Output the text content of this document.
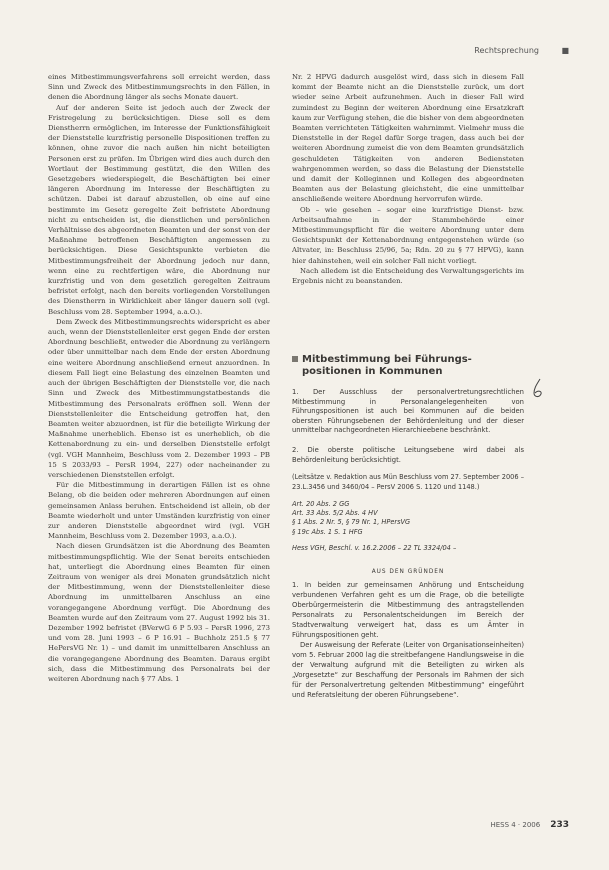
Rechtsprechung	■

eines Mitbestimmungsverfahrens soll erreicht werden, dass Sinn und Zweck des Mitbestimmungsrechts in den Fällen, in denen die Abordnung länger als sechs Monate dauert.

Auf der anderen Seite ist jedoch auch der Zweck der Fristregelung zu berücksichtigen. Diese soll es dem Dienstherrn ermöglichen, im Interesse der Funktionsfähigkeit der Dienststelle kurzfristig personelle Dispositionen treffen zu können, ohne zuvor die nach außen hin nicht beteiligten Personen erst zu prüfen. Im Übrigen wird dies auch durch den Wortlaut der Bestimmung gestützt, die den Willen des Gesetzgebers wiederspiegelt, die Beschäftigten bei einer längeren Abordnung im Interesse der Beschäftigten zu schützen. Dabei ist darauf abzustellen, ob eine auf eine bestimmte im Gesetz geregelte Zeit befristete Abordnung nicht zu entscheiden ist, die dienstlichen und persönlichen Verhältnisse des abgeordneten Beamten und der sonst von der Maßnahme betroffenen Beschäftigten angemessen zu berücksichtigen. Diese Gesichtspunkte verbieten die Mitbestimmungsfreiheit der Abordnung jedoch nur dann, wenn eine zu rechtfertigen wäre, die Abordnung nur kurzfristig und von dem gesetzlich geregelten Zeitraum befristet erfolgt, nach den bereits vorliegenden Vorstellungen des Dienstherrn in Wirklichkeit aber länger dauern soll (vgl. Beschluss vom 28. September 1994, a.a.O.).

Dem Zweck des Mitbestimmungsrechts widerspricht es aber auch, wenn der Dienststellenleiter erst gegen Ende der ersten Abordnung beschließt, entweder die Abordnung zu verlängern oder über unmittelbar nach dem Ende der ersten Abordnung eine weitere Abordnung anschließend erneut anzuordnen. In diesem Fall liegt eine Belastung des einzelnen Beamten und auch der übrigen Beschäftigten der Dienststelle vor, die nach Sinn und Zweck des Mitbestimmungstatbestands die Mitbestimmung des Personalrats eröffnen soll. Wenn der Dienststellenleiter die Entscheidung getroffen hat, den Beamten weiter abzuordnen, ist für die beteiligte Wirkung der Maßnahme unerheblich. Ebenso ist es unerheblich, ob die Kettenabordnung zu ein- und derselben Dienststelle erfolgt (vgl. VGH Mannheim, Beschluss vom 2. Dezember 1993 – PB 15 S 2033/93 – PersR 1994, 227) oder nacheinander zu verschiedenen Dienststellen erfolgt.

Für die Mitbestimmung in derartigen Fällen ist es ohne Belang, ob die beiden oder mehreren Abordnungen auf einen gemeinsamen Anlass beruhen. Entscheidend ist allein, ob der Beamte wiederholt und unter Umständen kurzfristig von einer zur anderen Dienststelle abgeordnet wird (vgl. VGH Mannheim, Beschluss vom 2. Dezember 1993, a.a.O.).

Nach diesen Grundsätzen ist die Abordnung des Beamten mitbestimmungspflichtig. Wie der Senat bereits entschieden hat, unterliegt die Abordnung eines Beamten für einen Zeitraum von weniger als drei Monaten grundsätzlich nicht der Mitbestimmung, wenn der Dienststellenleiter diese Abordnung im unmittelbaren Anschluss an eine vorangegangene Abordnung verfügt. Die Abordnung des Beamten wurde auf den Zeitraum vom 27. August 1992 bis 31. Dezember 1992 befristet (BVerwG 6 P 5.93 – PersR 1996, 273 und vom 28. Juni 1993 – 6 P 16.91 – Buchholz 251.5 § 77 HePersVG Nr. 1) – und damit im unmittelbaren Anschluss an die vorangegangene Abordnung des Beamten. Daraus ergibt sich, dass die Mitbestimmung des Personalrats bei der weiteren Abordnung nach § 77 Abs. 1

Nr. 2 HPVG dadurch ausgelöst wird, dass sich in diesem Fall kommt der Beamte nicht an die Dienststelle zurück, um dort wieder seine Arbeit aufzunehmen. Auch in dieser Fall wird zumindest zu Beginn der weiteren Abordnung eine Ersatzkraft kaum zur Verfügung stehen, die die bisher von dem abgeordneten Beamten verrichteten Tätigkeiten wahrnimmt. Vielmehr muss die Dienststelle in der Regel dafür Sorge tragen, dass auch bei der weiteren Abordnung zumeist die von dem Beamten grundsätzlich geschuldeten Tätigkeiten von anderen Bediensteten wahrgenommen werden, so dass die Belastung der Dienststelle und damit der Kolleginnen und Kollegen des abgeordneten Beamten aus der Belastung gleichsteht, die eine unmittelbar anschließende weitere Abordnung hervorrufen würde.

Ob – wie gesehen – sogar eine kurzfristige Dienst- bzw. Arbeitsaufnahme in der Stammbehörde einer Mitbestimmungspflicht für die weitere Abordnung unter dem Gesichtspunkt der Kettenabordnung entgegenstehen würde (so Altvater, in: Beschluss 25/96, 5a; Rdn. 20 zu § 77 HPVG), kann hier dahinstehen, weil ein solcher Fall nicht vorliegt.

Nach alledem ist die Entscheidung des Verwaltungsgerichts im Ergebnis nicht zu beanstanden.

Mitbestimmung bei Führungs-
positionen in Kommunen
1. Der Ausschluss der personalvertretungsrechtlichen Mitbestimmung in Personalangelegenheiten von Führungspositionen ist auch bei Kommunen auf die beiden obersten Führungsebenen der Behördenleitung und der dieser unmittelbar nachgeordneten Hierarchieebene beschränkt.
2. Die oberste politische Leitungsebene wird dabei als Behördenleitung berücksichtigt.
(Leitsätze v. Redaktion aus Mün Beschluss vom 27. September 2006 – 23.L.3456 und 3460/04 – PersV 2006 S. 1120 und 1148.)
Art. 20 Abs. 2 GG
Art. 33 Abs. 5/2 Abs. 4 HV
§ 1 Abs. 2 Nr. 5, § 79 Nr. 1, HPersVG
§ 19c Abs. 1 S. 1 HFG
Hess VGH, Beschl. v. 16.2.2006 – 22 TL 3324/04 –
AUS DEN GRÜNDEN

1. In beiden zur gemeinsamen Anhörung und Entscheidung verbundenen Verfahren geht es um die Frage, ob die beteiligte Oberbürgermeisterin die Mitbestimmung des antragstellenden Personalrats zu Personalentscheidungen im Bereich der Stadtverwaltung verweigert hat, dass es um Ämter in Führungspositionen geht.

Der Ausweisung der Referate (Leiter von Organisationseinheiten) vom 5. Februar 2000 lag die streitbefangene Handlungsweise in die der Verwaltung aufgrund mit die Beteiligten zu wirken als „Vorgesetzte“ zur Beschaffung der Personals im Rahmen der sich für der Personalvertretung geltenden Mitbestimmung“ eingeführt und Referatsleitung der oberen Führungsebene“.

HESS 4 · 2006 233
